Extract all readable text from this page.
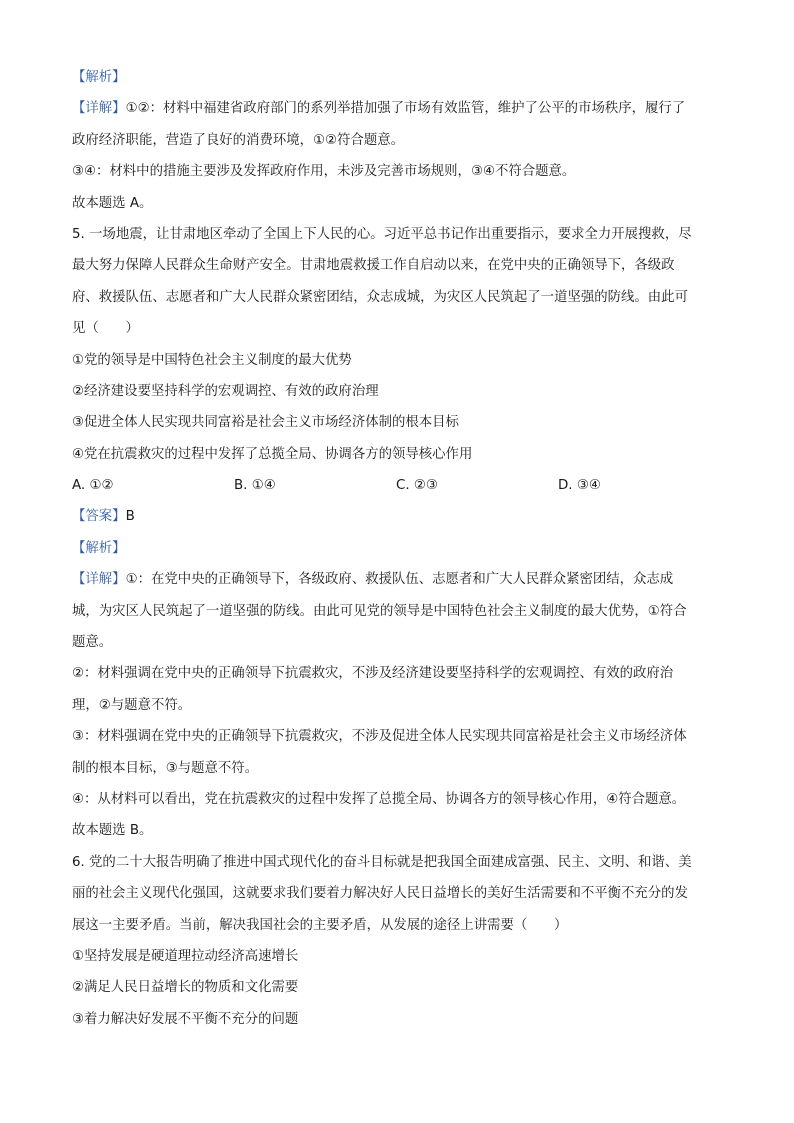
【解析】
【详解】①②：材料中福建省政府部门的系列举措加强了市场有效监管，维护了公平的市场秩序，履行了
政府经济职能，营造了良好的消费环境，①②符合题意。
③④：材料中的措施主要涉及发挥政府作用，未涉及完善市场规则，③④不符合题意。
故本题选 A。
5. 一场地震，让甘肃地区牵动了全国上下人民的心。习近平总书记作出重要指示，要求全力开展搜救，尽
最大努力保障人民群众生命财产安全。甘肃地震救援工作自启动以来，在党中央的正确领导下，各级政
府、救援队伍、志愿者和广大人民群众紧密团结，众志成城，为灾区人民筑起了一道坚强的防线。由此可
见（　　）
①党的领导是中国特色社会主义制度的最大优势
②经济建设要坚持科学的宏观调控、有效的政府治理
③促进全体人民实现共同富裕是社会主义市场经济体制的根本目标
④党在抗震救灾的过程中发挥了总揽全局、协调各方的领导核心作用
A. ①②	B. ①④	C. ②③	D. ③④
【答案】B
【解析】
【详解】①：在党中央的正确领导下，各级政府、救援队伍、志愿者和广大人民群众紧密团结，众志成
城，为灾区人民筑起了一道坚强的防线。由此可见党的领导是中国特色社会主义制度的最大优势，①符合
题意。
②：材料强调在党中央的正确领导下抗震救灾，不涉及经济建设要坚持科学的宏观调控、有效的政府治
理，②与题意不符。
③：材料强调在党中央的正确领导下抗震救灾，不涉及促进全体人民实现共同富裕是社会主义市场经济体
制的根本目标，③与题意不符。
④：从材料可以看出，党在抗震救灾的过程中发挥了总揽全局、协调各方的领导核心作用，④符合题意。
故本题选 B。
6. 党的二十大报告明确了推进中国式现代化的奋斗目标就是把我国全面建成富强、民主、文明、和谐、美
丽的社会主义现代化强国，这就要求我们要着力解决好人民日益增长的美好生活需要和不平衡不充分的发
展这一主要矛盾。当前，解决我国社会的主要矛盾，从发展的途径上讲需要（　　）
①坚持发展是硬道理拉动经济高速增长
②满足人民日益增长的物质和文化需要
③着力解决好发展不平衡不充分的问题
